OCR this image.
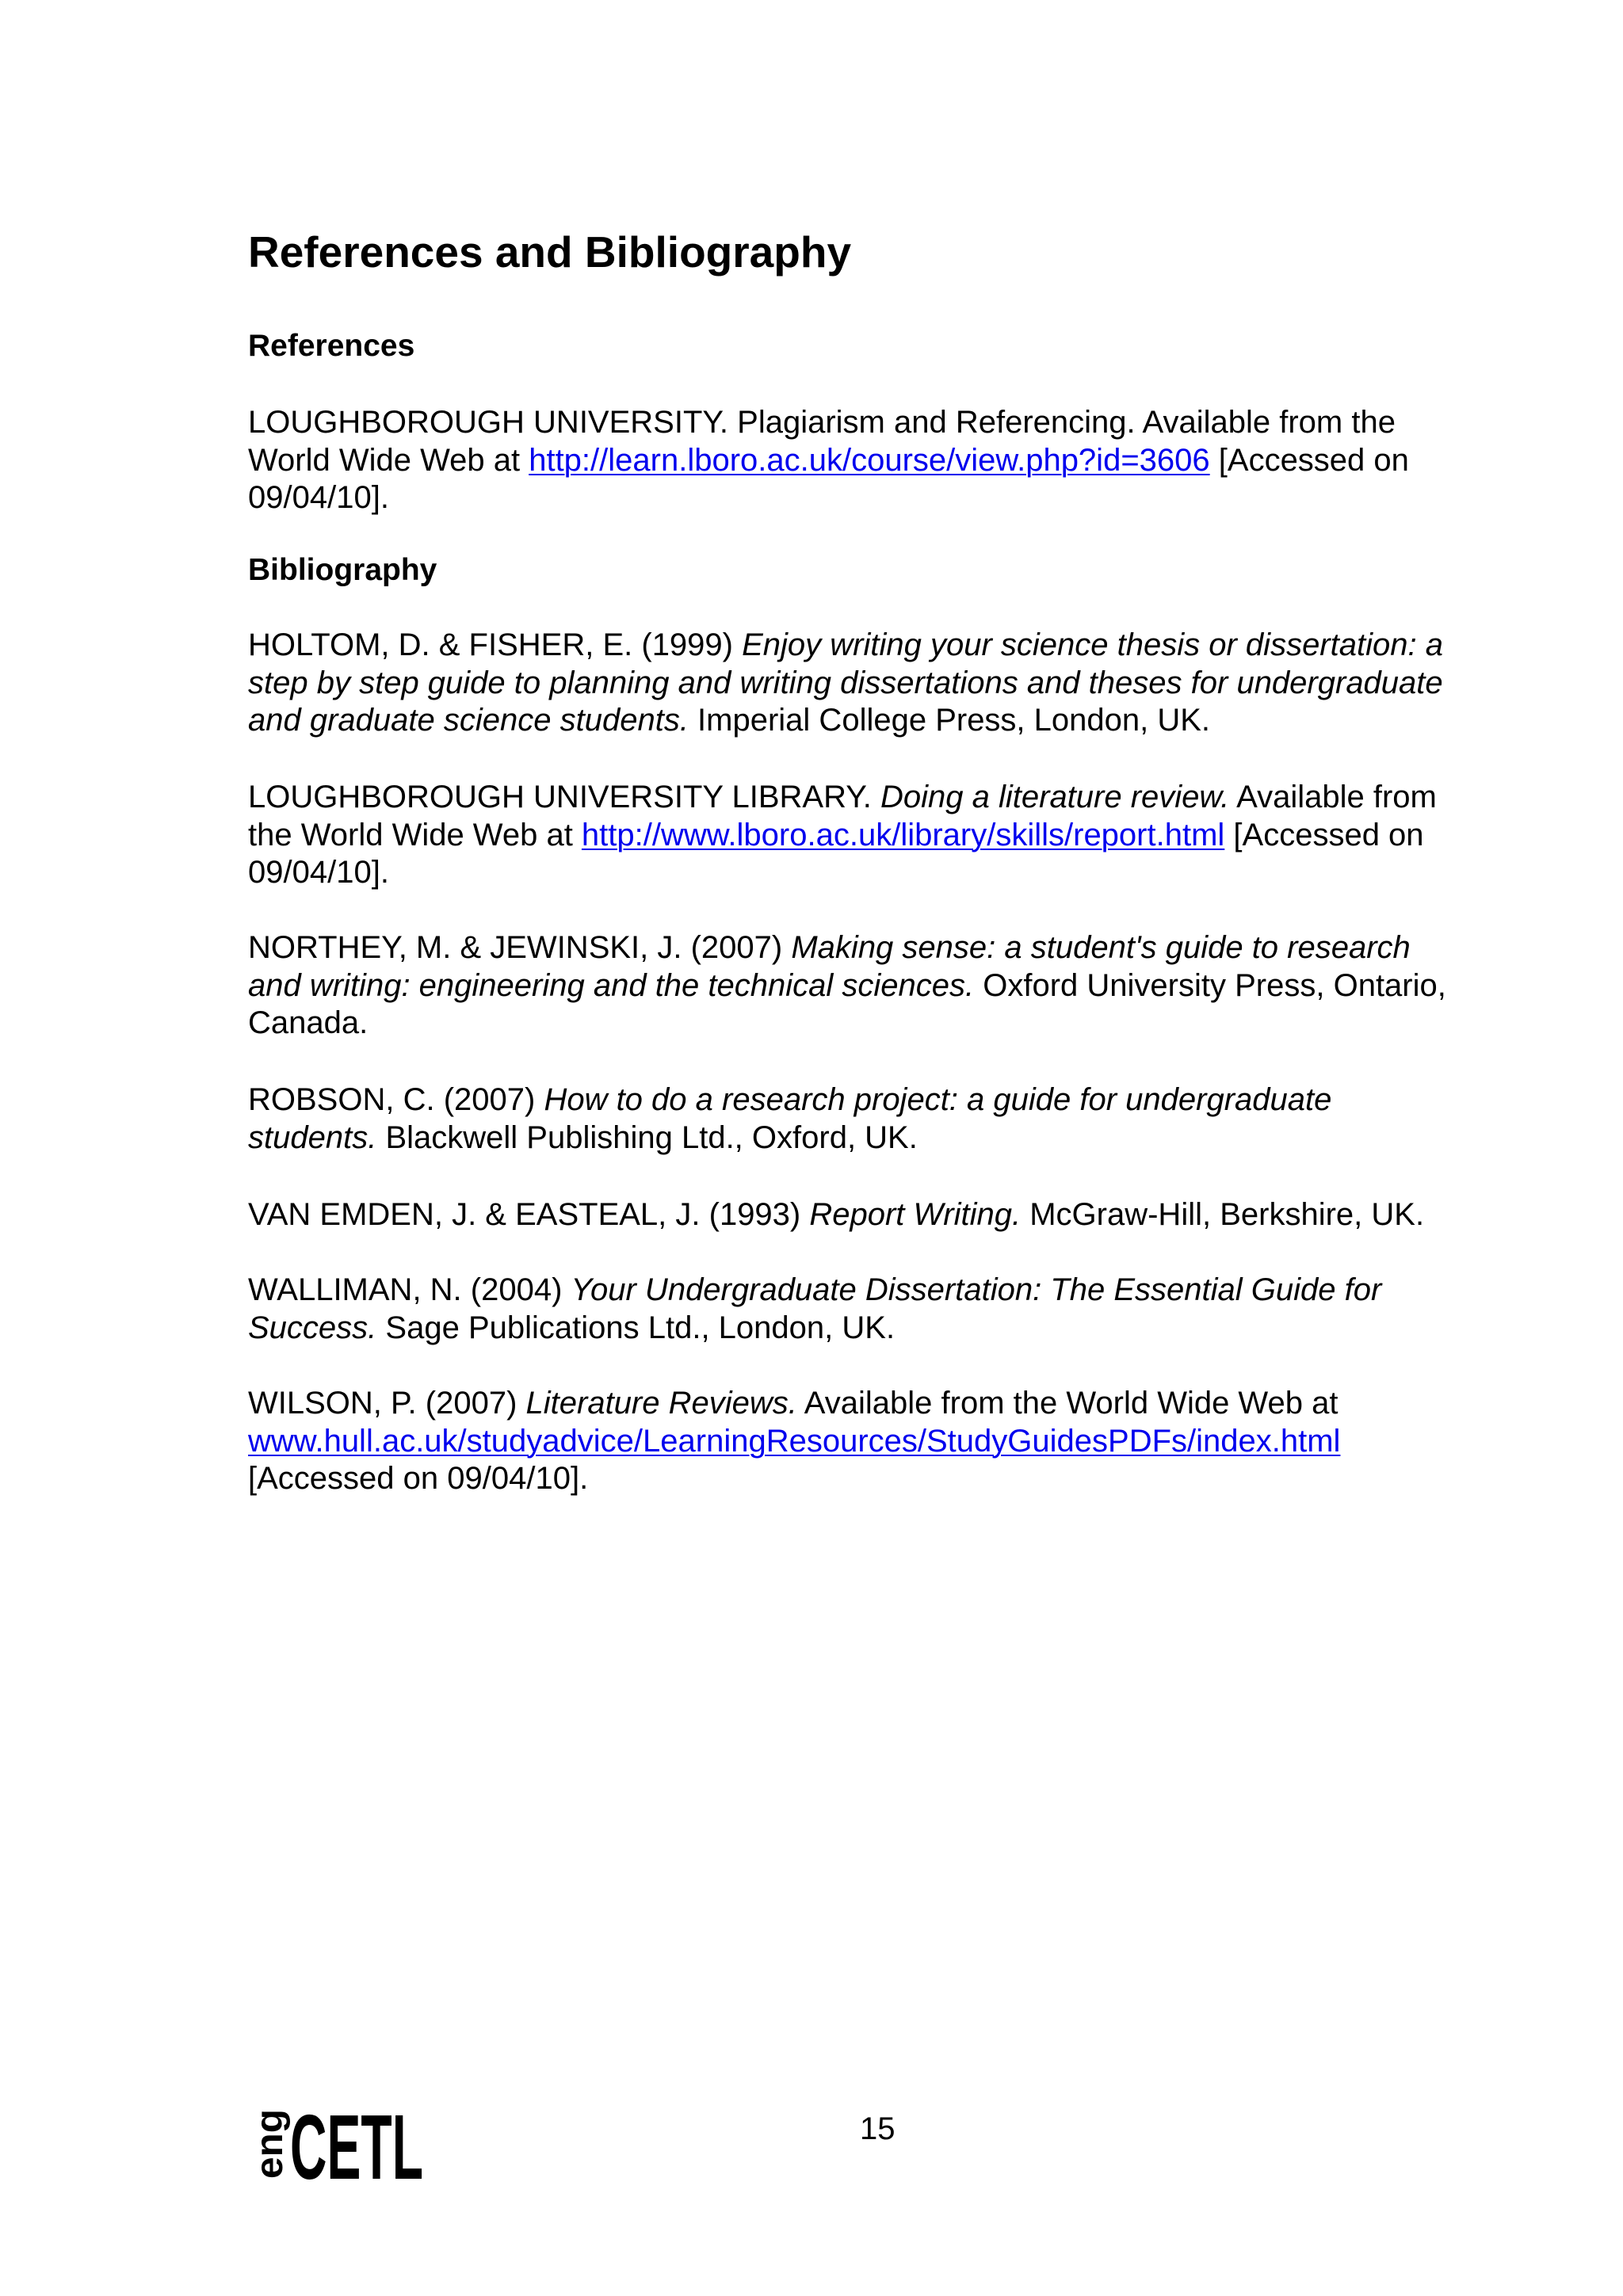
References and Bibliography
References
LOUGHBOROUGH UNIVERSITY. Plagiarism and Referencing. Available from the
World Wide Web at http://learn.lboro.ac.uk/course/view.php?id=3606 [Accessed on
09/04/10].
Bibliography
HOLTOM, D. & FISHER, E. (1999) Enjoy writing your science thesis or dissertation: a
step by step guide to planning and writing dissertations and theses for undergraduate
and graduate science students. Imperial College Press, London, UK.
LOUGHBOROUGH UNIVERSITY LIBRARY. Doing a literature review. Available from
the World Wide Web at http://www.lboro.ac.uk/library/skills/report.html [Accessed on
09/04/10].
NORTHEY, M. & JEWINSKI, J. (2007) Making sense: a student's guide to research
and writing: engineering and the technical sciences. Oxford University Press, Ontario,
Canada.
ROBSON, C. (2007) How to do a research project: a guide for undergraduate
students. Blackwell Publishing Ltd., Oxford, UK.
VAN EMDEN, J. & EASTEAL, J. (1993) Report Writing. McGraw-Hill, Berkshire, UK.
WALLIMAN, N. (2004) Your Undergraduate Dissertation: The Essential Guide for
Success. Sage Publications Ltd., London, UK.
WILSON, P. (2007) Literature Reviews. Available from the World Wide Web at
www.hull.ac.uk/studyadvice/LearningResources/StudyGuidesPDFs/index.html
[Accessed on 09/04/10].
eng CETL	15
